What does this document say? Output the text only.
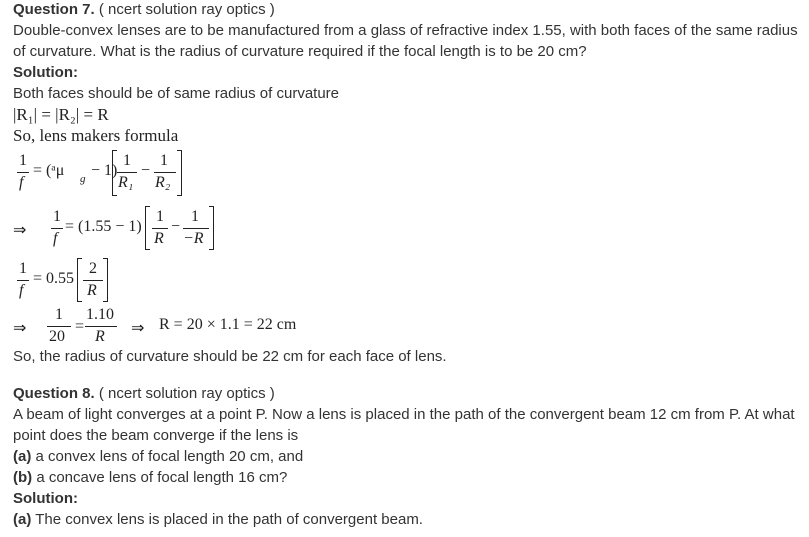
Question 7. ( ncert solution ray optics )
Double-convex lenses are to be manufactured from a glass of refractive index 1.55, with both faces of the same radius
of curvature. What is the radius of curvature required if the focal length is to be 20 cm?
Solution:
Both faces should be of same radius of curvature
|R₁| = |R₂| = R
So, lens makers formula
1
f
= (ᵃμ g − 1)
1
R₁
−
1
R₂
⇒
1
f
= (1.55 − 1)
1
R
−
1
−R
1
f
= 0.55
2
R
⇒
1
20
=
1.10
R ⇒ R = 20 × 1.1 = 22 cm
So, the radius of curvature should be 22 cm for each face of lens.
Question 8. ( ncert solution ray optics )
A beam of light converges at a point P. Now a lens is placed in the path of the convergent beam 12 cm from P. At what
point does the beam converge if the lens is
(a) a convex lens of focal length 20 cm, and
(b) a concave lens of focal length 16 cm?
Solution:
(a) The convex lens is placed in the path of convergent beam.
